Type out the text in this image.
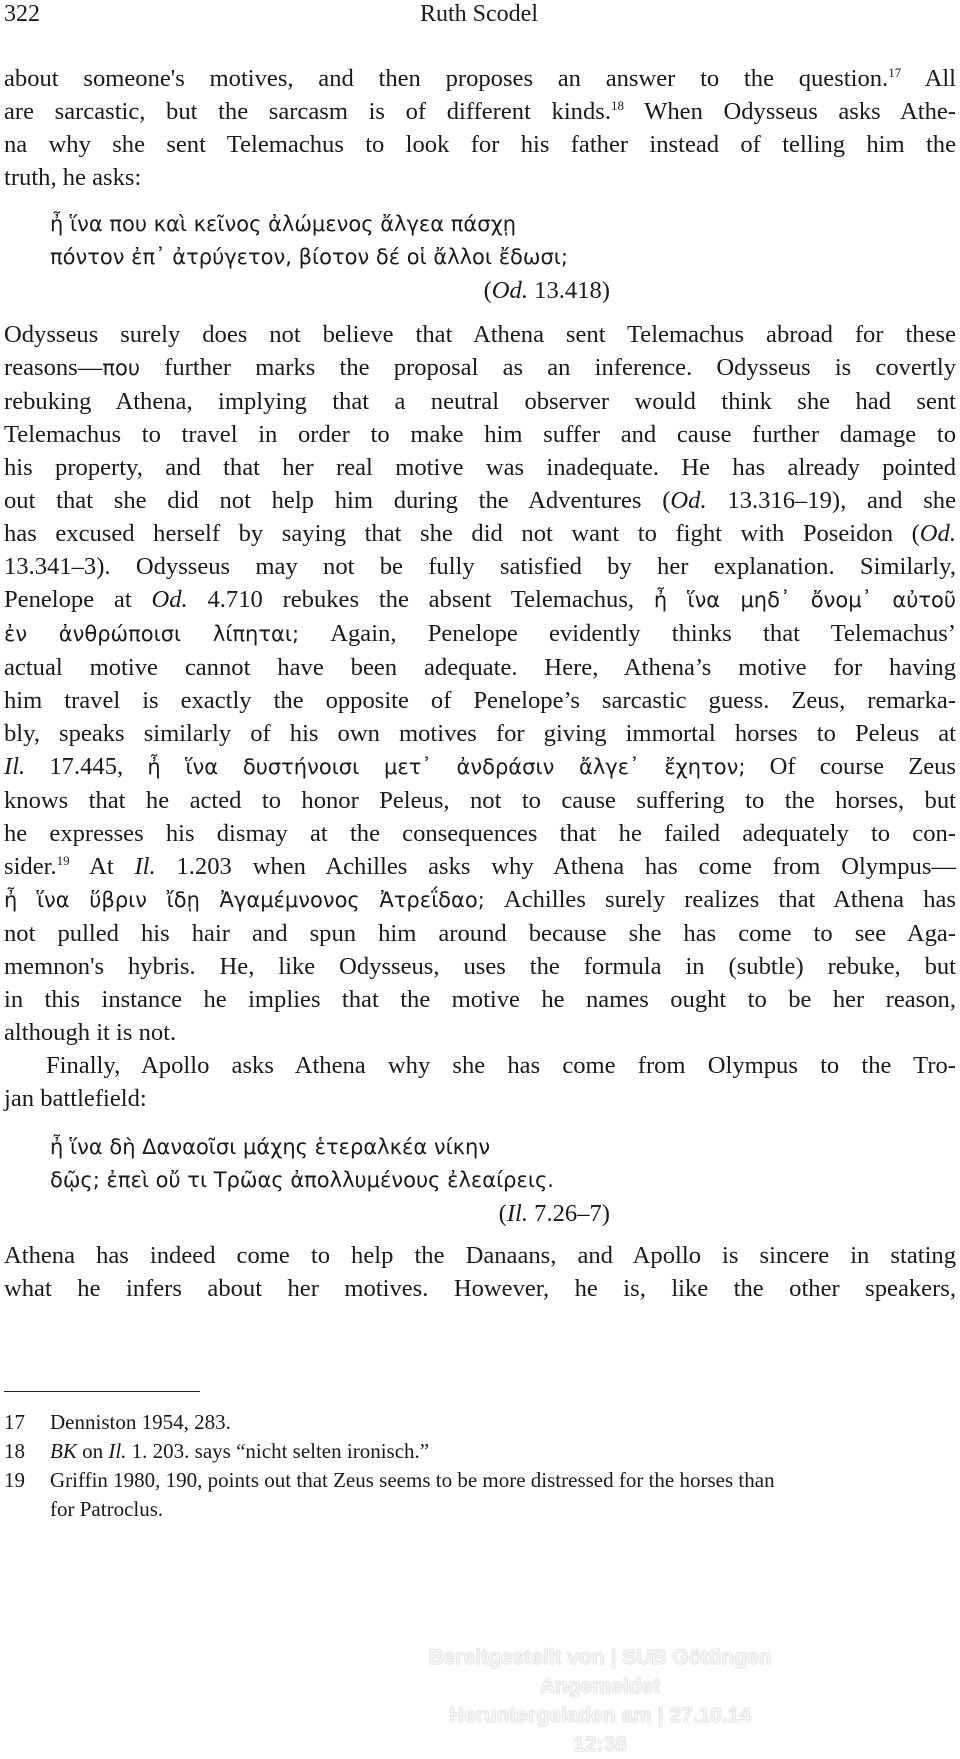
322	Ruth Scodel
about someone's motives, and then proposes an answer to the question.$^{17}$ All
are sarcastic, but the sarcasm is of different kinds.$^{18}$ When Odysseus asks Athe-
na why she sent Telemachus to look for his father instead of telling him the
truth, he asks:
ἦ ἵνα που καὶ κεῖνος ἀλώμενος ἄλγεα πάσχῃ
πόντον ἐπ᾽ ἀτρύγετον, βίοτον δέ οἱ ἄλλοι ἔδωσι;
(Od. 13.418)
Odysseus surely does not believe that Athena sent Telemachus abroad for these
reasons—που further marks the proposal as an inference. Odysseus is covertly
rebuking Athena, implying that a neutral observer would think she had sent
Telemachus to travel in order to make him suffer and cause further damage to
his property, and that her real motive was inadequate. He has already pointed
out that she did not help him during the Adventures (Od. 13.316–19), and she
has excused herself by saying that she did not want to fight with Poseidon (Od.
13.341–3). Odysseus may not be fully satisfied by her explanation. Similarly,
Penelope at Od. 4.710 rebukes the absent Telemachus, ἦ ἵνα μηδ᾽ ὄνομ᾽ αὐτοῦ
ἐν ἀνθρώποισι λίπηται; Again, Penelope evidently thinks that Telemachus’
actual motive cannot have been adequate. Here, Athena’s motive for having
him travel is exactly the opposite of Penelope’s sarcastic guess. Zeus, remarka-
bly, speaks similarly of his own motives for giving immortal horses to Peleus at
Il. 17.445, ἦ ἵνα δυστήνοισι μετ᾽ ἀνδράσιν ἄλγε᾽ ἔχητον; Of course Zeus
knows that he acted to honor Peleus, not to cause suffering to the horses, but
he expresses his dismay at the consequences that he failed adequately to con-
sider.$^{19}$ At Il. 1.203 when Achilles asks why Athena has come from Olympus—
ἦ ἵνα ὕβριν ἴδῃ Ἀγαμέμνονος Ἀτρεΐδαο; Achilles surely realizes that Athena has
not pulled his hair and spun him around because she has come to see Aga-
memnon's hybris. He, like Odysseus, uses the formula in (subtle) rebuke, but
in this instance he implies that the motive he names ought to be her reason,
although it is not.
Finally, Apollo asks Athena why she has come from Olympus to the Tro-
jan battlefield:
ἦ ἵνα δὴ Δαναοῖσι μάχης ἑτεραλκέα νίκην
δῷς; ἐπεὶ οὔ τι Τρῶας ἀπολλυμένους ἐλεαίρεις.
(Il. 7.26–7)
Athena has indeed come to help the Danaans, and Apollo is sincere in stating
what he infers about her motives. However, he is, like the other speakers,
17 Denniston 1954, 283.
18 BK on Il. 1. 203. says “nicht selten ironisch.”
19 Griffin 1980, 190, points out that Zeus seems to be more distressed for the horses than
for Patroclus.
Bereitgestellt von | SUB Göttingen
Angemeldet
Heruntergeladen am | 27.10.14 12:38
